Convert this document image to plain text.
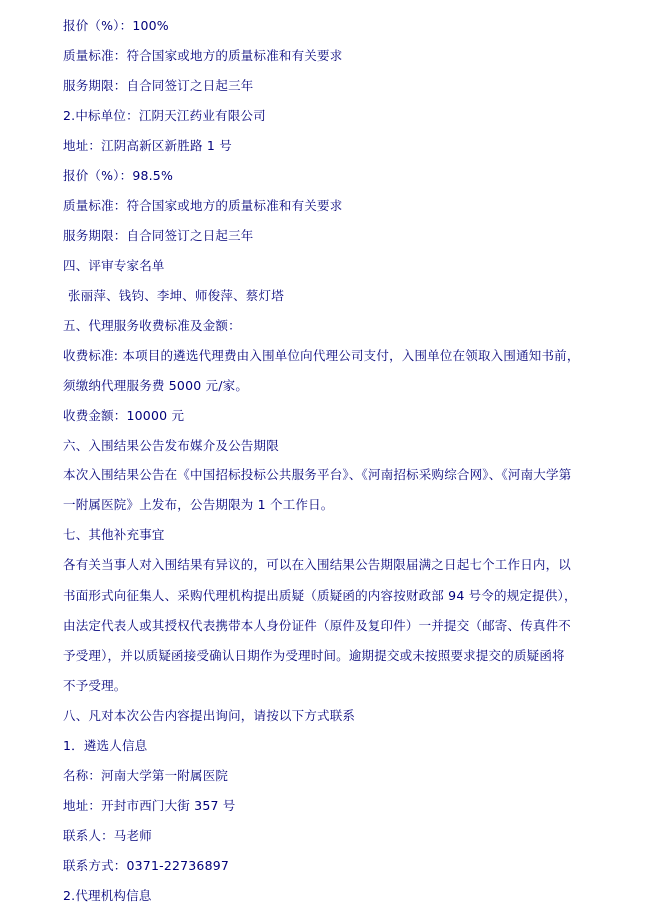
报价（%）：100%
质量标准：符合国家或地方的质量标准和有关要求
服务期限：自合同签订之日起三年
2.中标单位：江阴天江药业有限公司
地址：江阴高新区新胜路 1 号
报价（%）：98.5%
质量标准：符合国家或地方的质量标准和有关要求
服务期限：自合同签订之日起三年
四、评审专家名单
张丽萍、钱钧、李坤、师俊萍、蔡灯塔
五、代理服务收费标准及金额：
收费标准: 本项目的遴选代理费由入围单位向代理公司支付，入围单位在领取入围通知书前，
须缴纳代理服务费 5000 元/家。
收费金额：10000 元
六、入围结果公告发布媒介及公告期限
本次入围结果公告在《中国招标投标公共服务平台》、《河南招标采购综合网》、《河南大学第
一附属医院》上发布，公告期限为 1 个工作日。
七、其他补充事宜
各有关当事人对入围结果有异议的，可以在入围结果公告期限届满之日起七个工作日内，以
书面形式向征集人、采购代理机构提出质疑（质疑函的内容按财政部 94 号令的规定提供），
由法定代表人或其授权代表携带本人身份证件（原件及复印件）一并提交（邮寄、传真件不
予受理），并以质疑函接受确认日期作为受理时间。逾期提交或未按照要求提交的质疑函将
不予受理。
八、凡对本次公告内容提出询问，请按以下方式联系
1．遴选人信息
名称：河南大学第一附属医院
地址：开封市西门大街 357 号
联系人：马老师
联系方式：0371-22736897
2.代理机构信息
